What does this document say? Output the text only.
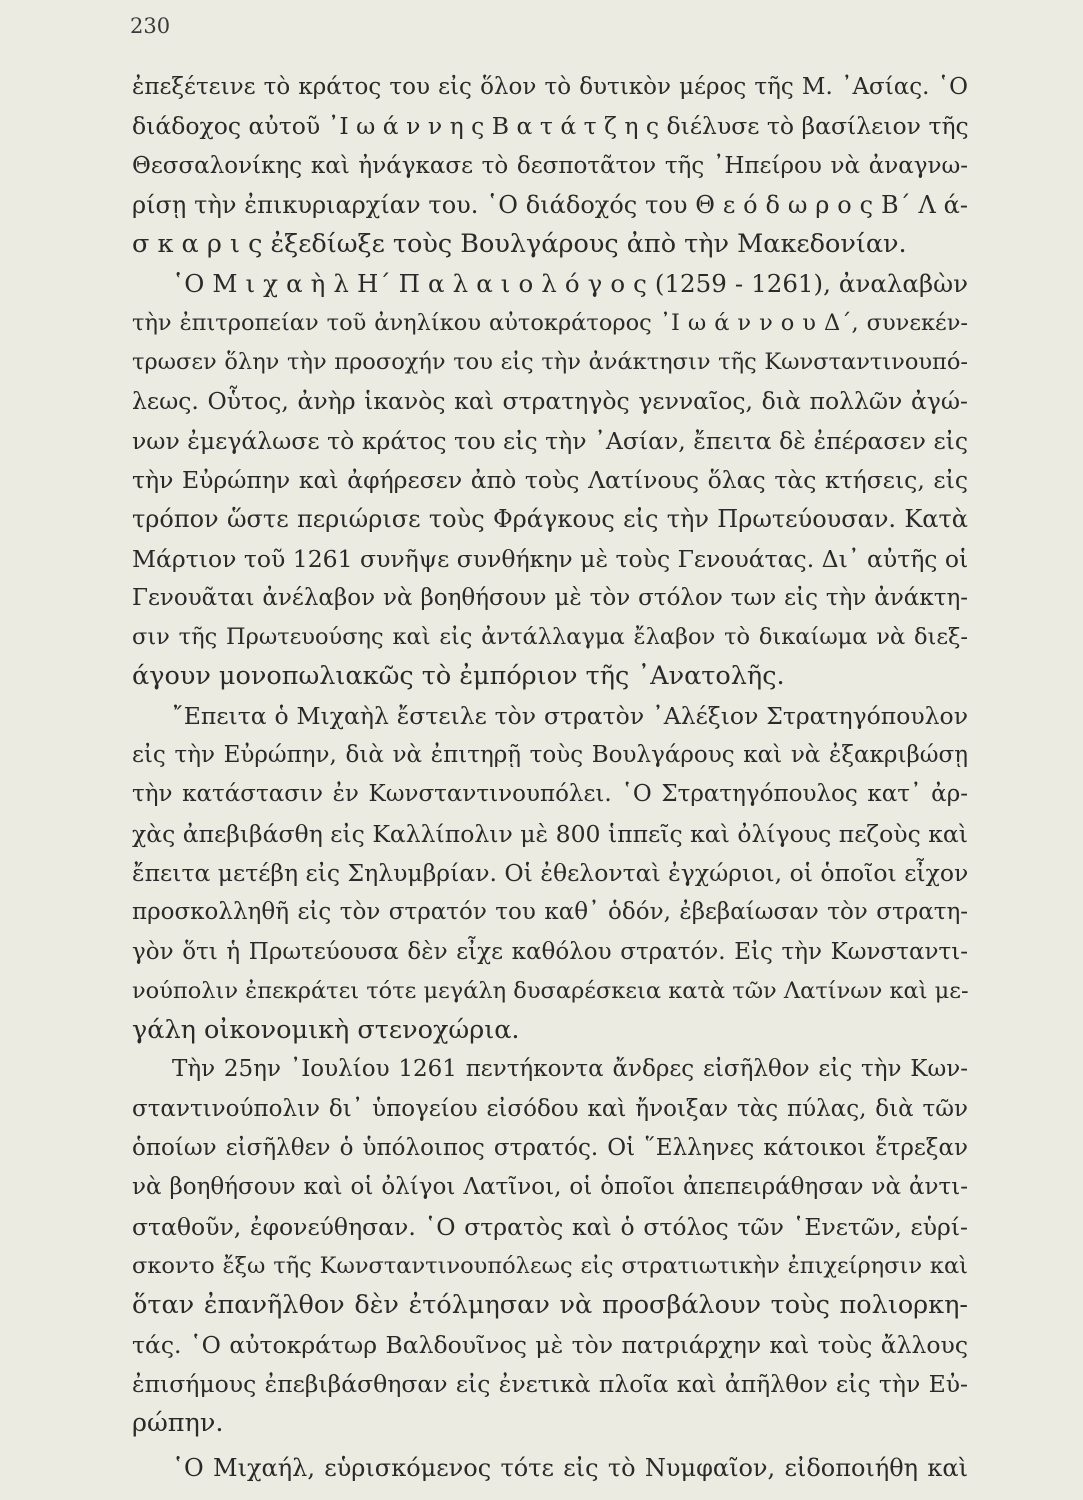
230
ἐπεξέτεινε τὸ κράτος του εἰς ὅλον τὸ δυτικὸν μέρος τῆς Μ. ᾿Ασίας. ῾Ο
διάδοχος αὐτοῦ ᾿Ι ω ά ν ν η ς Β α τ ά τ ζ η ς διέλυσε τὸ βασίλειον τῆς
Θεσσαλονίκης καὶ ἠνάγκασε τὸ δεσποτᾶτον τῆς ᾿Ηπείρου νὰ ἀναγνω-
ρίσῃ τὴν ἐπικυριαρχίαν του. ῾Ο διάδοχός του Θ ε ό δ ω ρ ο ς Β΄ Λ ά-
σ κ α ρ ι ς ἐξεδίωξε τοὺς Βουλγάρους ἀπὸ τὴν Μακεδονίαν.
῾Ο Μ ι χ α ὴ λ Η΄ Π α λ α ι ο λ ό γ ο ς (1259 - 1261), ἀναλαβὼν
τὴν ἐπιτροπείαν τοῦ ἀνηλίκου αὐτοκράτορος ᾿Ι ω ά ν ν ο υ Δ΄, συνεκέν-
τρωσεν ὅλην τὴν προσοχήν του εἰς τὴν ἀνάκτησιν τῆς Κωνσταντινουπό-
λεως. Οὗτος, ἀνὴρ ἱκανὸς καὶ στρατηγὸς γενναῖος, διὰ πολλῶν ἀγώ-
νων ἐμεγάλωσε τὸ κράτος του εἰς τὴν ᾿Ασίαν, ἔπειτα δὲ ἐπέρασεν εἰς
τὴν Εὐρώπην καὶ ἀφήρεσεν ἀπὸ τοὺς Λατίνους ὅλας τὰς κτήσεις, εἰς
τρόπον ὥστε περιώρισε τοὺς Φράγκους εἰς τὴν Πρωτεύουσαν. Κατὰ
Μάρτιον τοῦ 1261 συνῆψε συνθήκην μὲ τοὺς Γενουάτας. Δι᾿ αὐτῆς οἱ
Γενουᾶται ἀνέλαβον νὰ βοηθήσουν μὲ τὸν στόλον των εἰς τὴν ἀνάκτη-
σιν τῆς Πρωτευούσης καὶ εἰς ἀντάλλαγμα ἔλαβον τὸ δικαίωμα νὰ διεξ-
άγουν μονοπωλιακῶς τὸ ἐμπόριον τῆς ᾿Ανατολῆς.
῎Επειτα ὁ Μιχαὴλ ἔστειλε τὸν στρατὸν ᾿Αλέξιον Στρατηγόπουλον
εἰς τὴν Εὐρώπην, διὰ νὰ ἐπιτηρῇ τοὺς Βουλγάρους καὶ νὰ ἐξακριβώσῃ
τὴν κατάστασιν ἐν Κωνσταντινουπόλει. ῾Ο Στρατηγόπουλος κατ᾿ ἀρ-
χὰς ἀπεβιβάσθη εἰς Καλλίπολιν μὲ 800 ἱππεῖς καὶ ὀλίγους πεζοὺς καὶ
ἔπειτα μετέβη εἰς Σηλυμβρίαν. Οἱ ἐθελονταὶ ἐγχώριοι, οἱ ὁποῖοι εἶχον
προσκολληθῆ εἰς τὸν στρατόν του καθ᾿ ὁδόν, ἐβεβαίωσαν τὸν στρατη-
γὸν ὅτι ἡ Πρωτεύουσα δὲν εἶχε καθόλου στρατόν. Εἰς τὴν Κωνσταντι-
νούπολιν ἐπεκράτει τότε μεγάλη δυσαρέσκεια κατὰ τῶν Λατίνων καὶ με-
γάλη οἰκονομικὴ στενοχώρια.
Τὴν 25ην ᾿Ιουλίου 1261 πεντήκοντα ἄνδρες εἰσῆλθον εἰς τὴν Κων-
σταντινούπολιν δι᾿ ὑπογείου εἰσόδου καὶ ἤνοιξαν τὰς πύλας, διὰ τῶν
ὁποίων εἰσῆλθεν ὁ ὑπόλοιπος στρατός. Οἱ ῞Ελληνες κάτοικοι ἔτρεξαν
νὰ βοηθήσουν καὶ οἱ ὀλίγοι Λατῖνοι, οἱ ὁποῖοι ἀπεπειράθησαν νὰ ἀντι-
σταθοῦν, ἐφονεύθησαν. ῾Ο στρατὸς καὶ ὁ στόλος τῶν ῾Ενετῶν, εὑρί-
σκοντο ἔξω τῆς Κωνσταντινουπόλεως εἰς στρατιωτικὴν ἐπιχείρησιν καὶ
ὅταν ἐπανῆλθον δὲν ἐτόλμησαν νὰ προσβάλουν τοὺς πολιορκη-
τάς. ῾Ο αὐτοκράτωρ Βαλδουῖνος μὲ τὸν πατριάρχην καὶ τοὺς ἄλλους
ἐπισήμους ἐπεβιβάσθησαν εἰς ἐνετικὰ πλοῖα καὶ ἀπῆλθον εἰς τὴν Εὐ-
ρώπην.
῾Ο Μιχαήλ, εὑρισκόμενος τότε εἰς τὸ Νυμφαῖον, εἰδοποιήθη καὶ
